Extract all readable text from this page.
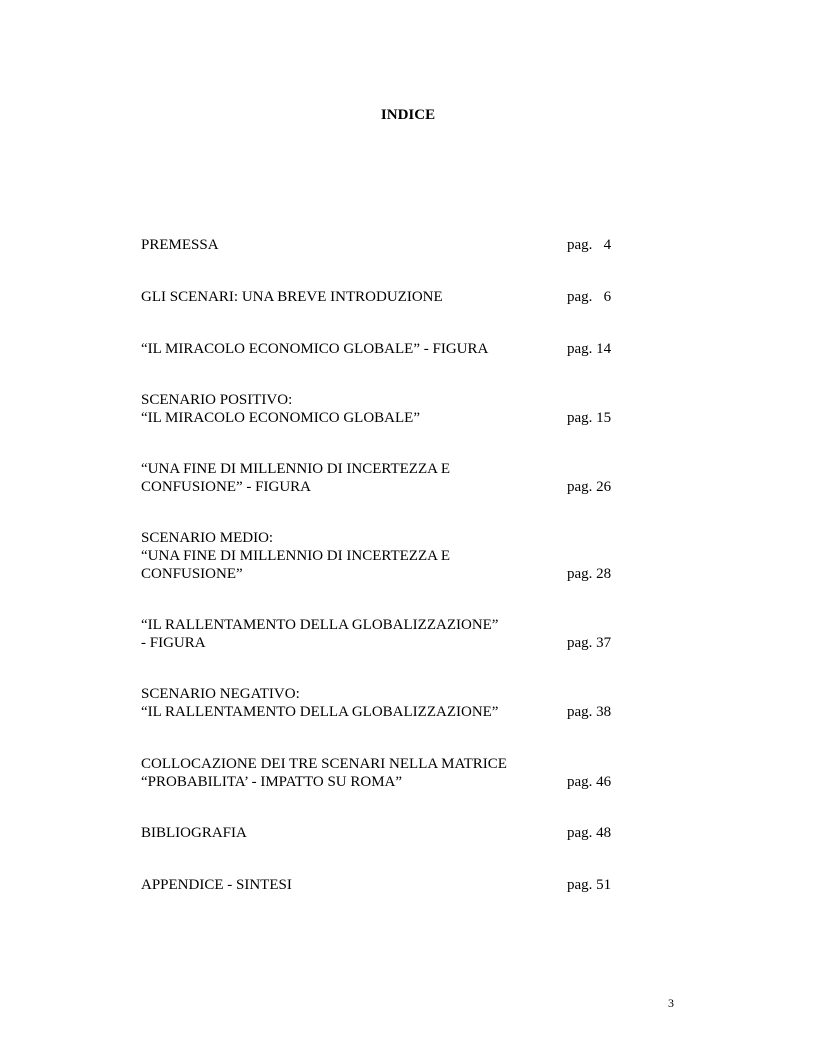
INDICE
PREMESSA	pag.   4
GLI SCENARI: UNA BREVE INTRODUZIONE	pag.   6
“IL MIRACOLO ECONOMICO GLOBALE” - FIGURA	pag. 14
SCENARIO POSITIVO:
“IL MIRACOLO ECONOMICO GLOBALE”	pag. 15
“UNA FINE DI MILLENNIO DI INCERTEZZA E
CONFUSIONE” - FIGURA	pag. 26
SCENARIO MEDIO:
“UNA FINE DI MILLENNIO DI INCERTEZZA E
CONFUSIONE”	pag. 28
“IL RALLENTAMENTO DELLA GLOBALIZZAZIONE”
- FIGURA	pag. 37
SCENARIO NEGATIVO:
“IL RALLENTAMENTO DELLA GLOBALIZZAZIONE”	pag. 38
COLLOCAZIONE DEI TRE SCENARI NELLA MATRICE
“PROBABILITA’ - IMPATTO SU ROMA”	pag. 46
BIBLIOGRAFIA	pag. 48
APPENDICE - SINTESI	pag. 51
3
